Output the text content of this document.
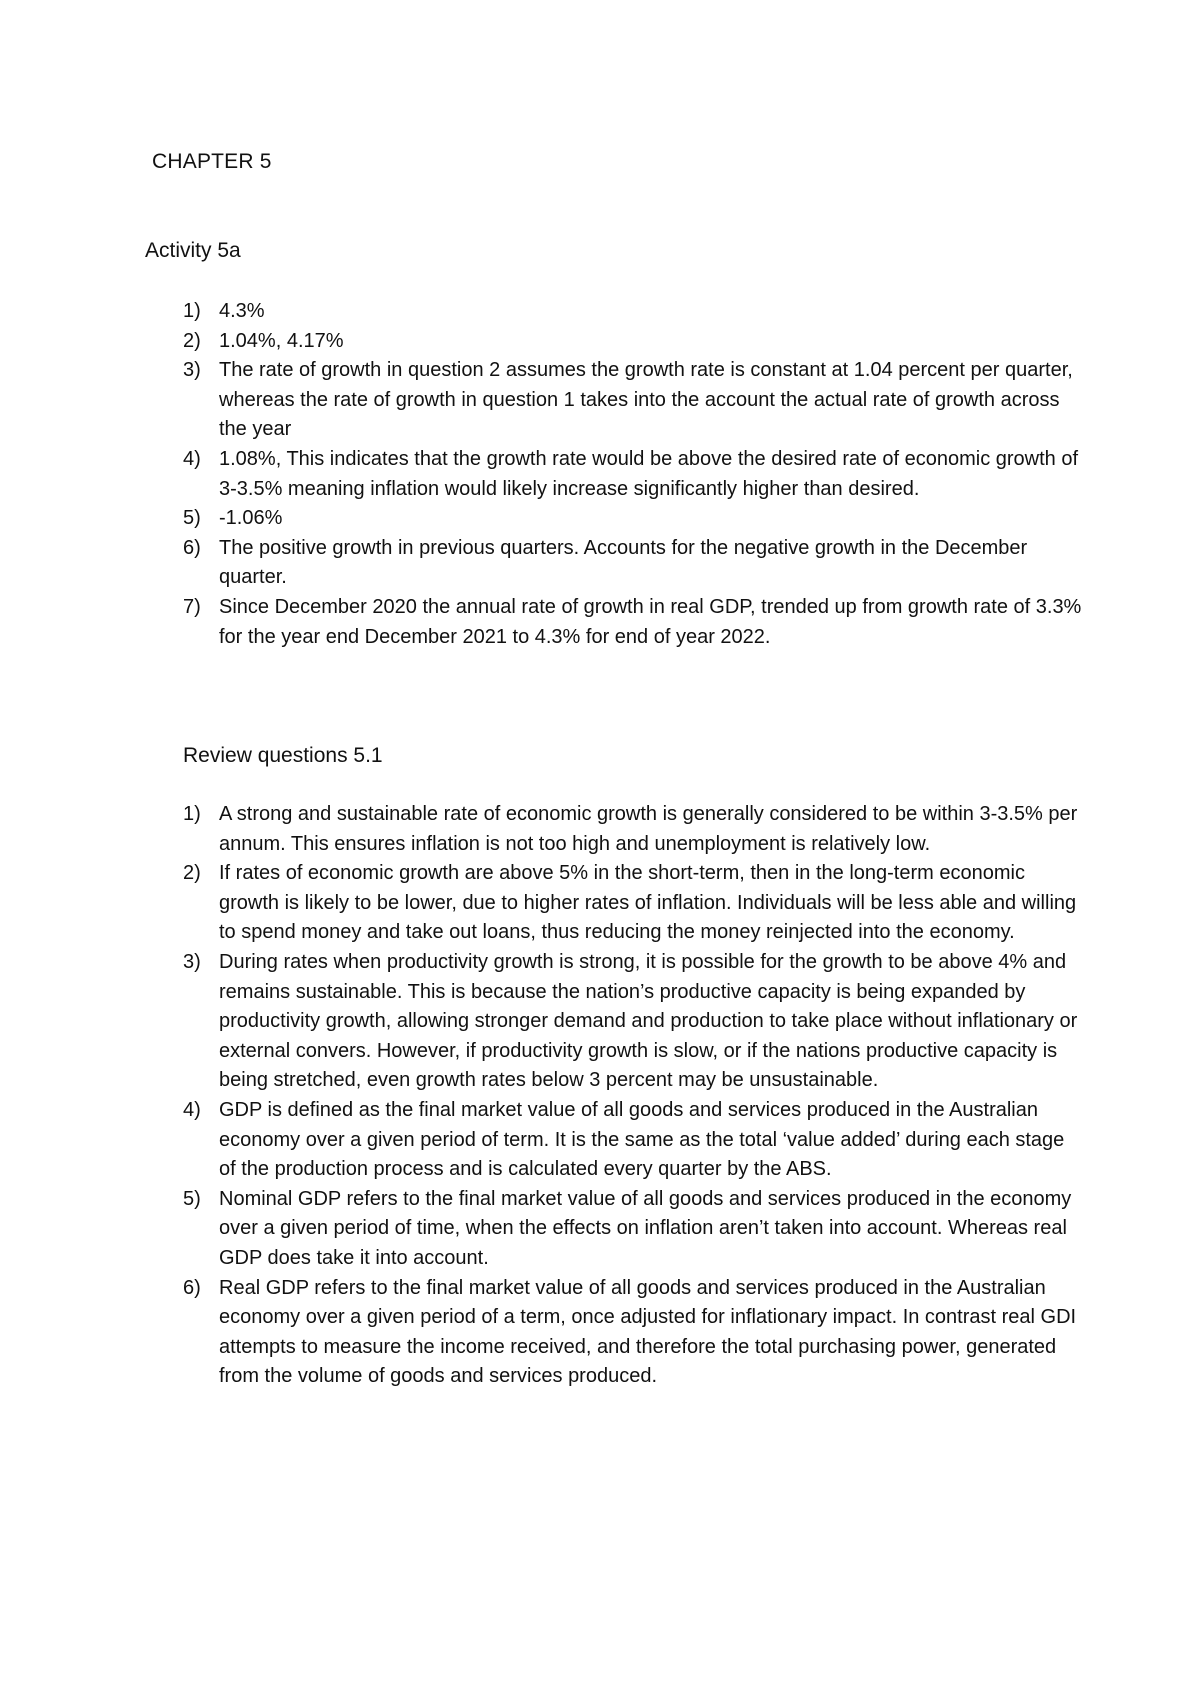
CHAPTER 5
Activity 5a
1) 4.3%
2) 1.04%, 4.17%
3) The rate of growth in question 2 assumes the growth rate is constant at 1.04 percent per quarter, whereas the rate of growth in question 1 takes into the account the actual rate of growth across the year
4) 1.08%, This indicates that the growth rate would be above the desired rate of economic growth of 3-3.5% meaning inflation would likely increase significantly higher than desired.
5) -1.06%
6) The positive growth in previous quarters. Accounts for the negative growth in the December quarter.
7) Since December 2020 the annual rate of growth in real GDP, trended up from growth rate of 3.3% for the year end December 2021 to 4.3% for end of year 2022.
Review questions 5.1
1) A strong and sustainable rate of economic growth is generally considered to be within 3-3.5% per annum. This ensures inflation is not too high and unemployment is relatively low.
2) If rates of economic growth are above 5% in the short-term, then in the long-term economic growth is likely to be lower, due to higher rates of inflation. Individuals will be less able and willing to spend money and take out loans, thus reducing the money reinjected into the economy.
3) During rates when productivity growth is strong, it is possible for the growth to be above 4% and remains sustainable. This is because the nation’s productive capacity is being expanded by productivity growth, allowing stronger demand and production to take place without inflationary or external convers. However, if productivity growth is slow, or if the nations productive capacity is being stretched, even growth rates below 3 percent may be unsustainable.
4) GDP is defined as the final market value of all goods and services produced in the Australian economy over a given period of term. It is the same as the total ‘value added’ during each stage of the production process and is calculated every quarter by the ABS.
5) Nominal GDP refers to the final market value of all goods and services produced in the economy over a given period of time, when the effects on inflation aren’t taken into account. Whereas real GDP does take it into account.
6) Real GDP refers to the final market value of all goods and services produced in the Australian economy over a given period of a term, once adjusted for inflationary impact. In contrast real GDI attempts to measure the income received, and therefore the total purchasing power, generated from the volume of goods and services produced.
